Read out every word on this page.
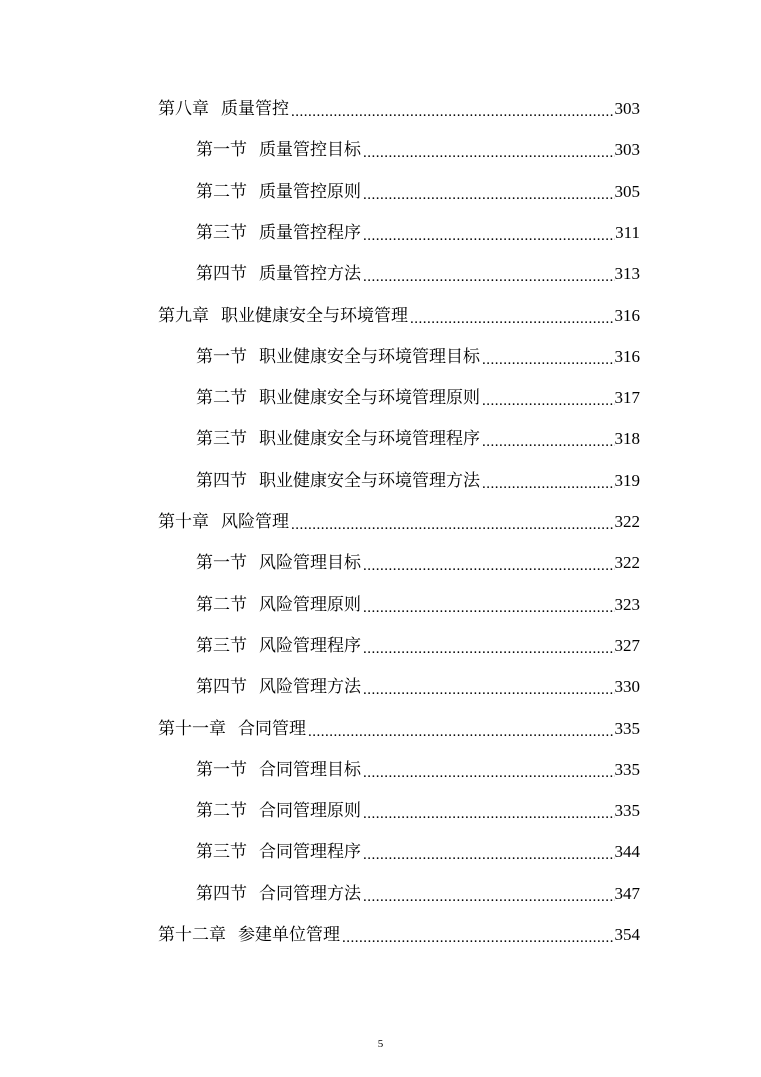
第八章 质量管控 .....	303
第一节 质量管控目标 .....	303
第二节 质量管控原则 .....	305
第三节 质量管控程序 .....	311
第四节 质量管控方法 .....	313
第九章 职业健康安全与环境管理 .....	316
第一节 职业健康安全与环境管理目标 .....	316
第二节 职业健康安全与环境管理原则 .....	317
第三节 职业健康安全与环境管理程序 .....	318
第四节 职业健康安全与环境管理方法 .....	319
第十章 风险管理 .....	322
第一节 风险管理目标 .....	322
第二节 风险管理原则 .....	323
第三节 风险管理程序 .....	327
第四节 风险管理方法 .....	330
第十一章 合同管理 .....	335
第一节 合同管理目标 .....	335
第二节 合同管理原则 .....	335
第三节 合同管理程序 .....	344
第四节 合同管理方法 .....	347
第十二章 参建单位管理 .....	354
5
